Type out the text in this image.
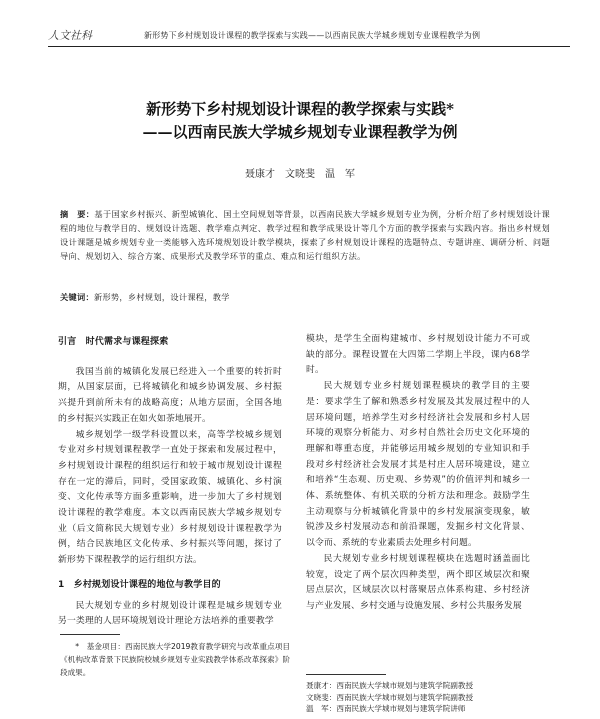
人文社科	新形势下乡村规划设计课程的教学探索与实践——以西南民族大学城乡规划专业课程教学为例
新形势下乡村规划设计课程的教学探索与实践*
——以西南民族大学城乡规划专业课程教学为例
聂康才　文晓斐　温　军
摘　要：基于国家乡村振兴、新型城镇化、国土空间规划等背景，以西南民族大学城乡规划专业为例，分析介绍了乡村规划设计课程的地位与教学目的、规划设计选题、教学难点判定、教学过程和教学成果设计等几个方面的教学探索与实践内容。指出乡村规划设计课题是城乡规划专业一类能够入选环境规划设计教学模块，探索了乡村规划设计课程的选题特点、专题讲座、调研分析、问题导向、规划切入、综合方案、成果形式及教学环节的重点、难点和运行组织方法。
关键词：新形势，乡村规划，设计课程，教学
引言　时代需求与课程探索

我国当前的城镇化发展已经进入一个重要的转折时期，从国家层面，已将城镇化和城乡协调发展、乡村振兴提升到前所未有的战略高度；从地方层面，全国各地的乡村振兴实践正在如火如荼地展开。

城乡规划学一级学科设置以来，高等学校城乡规划专业对乡村规划课程教学一直处于探索和发展过程中，乡村规划设计课程的组织运行和较于城市规划设计课程存在一定的滞后，同时，受国家政策、城镇化、乡村演变、文化传承等方面多重影响，进一步加大了乡村规划设计课程的教学难度。本文以西南民族大学城乡规划专业（后文简称民大规划专业）乡村规划设计课程教学为例，结合民族地区文化传承、乡村振兴等问题，探讨了新形势下课程教学的运行组织方法。

1　乡村规划设计课程的地位与教学目的

民大规划专业的乡村规划设计课程是城乡规划专业另一类理的人居环境规划设计理论方法培养的重要教学

模块，是学生全面构建城市、乡村规划设计能力不可或缺的部分。课程设置在大四第二学期上半段，课内68学时。

民大规划专业乡村规划课程模块的教学目的主要是：要求学生了解和熟悉乡村发展及其发展过程中的人居环境问题，培养学生对乡村经济社会发展和乡村人居环境的观察分析能力、对乡村自然社会历史文化环境的理解和尊重态度，并能够运用城乡规划的专业知识和手段对乡村经济社会发展才其是村庄人居环境建设，建立和培养“生态观、历史观、乡势观”的价值评判和城乡一体、系统整体、有机关联的分析方法和理念。鼓励学生主动观察与分析城镇化背景中的乡村发展演变现象，敏锐涉及乡村发展动态和前沿课题，发掘乡村文化背景、以令而、系统的专业素质去处理乡村问题。

民大规划专业乡村规划课程模块在选题时涵盖面比较宽，设定了两个层次四种类型，两个即区域层次和聚居点层次，区域层次以村落聚居点体系构建、乡村经济与产业发展、乡村交通与设施发展、乡村公共服务发展

*　基金项目：西南民族大学2019教育教学研究与改革重点项目《机构改革背景下民族院校城乡规划专业实践教学体系改革探索》阶段成果。
聂康才：西南民族大学城市规划与建筑学院副教授
文晓斐：西南民族大学城市规划与建筑学院副教授
温　军：西南民族大学城市规划与建筑学院讲师
